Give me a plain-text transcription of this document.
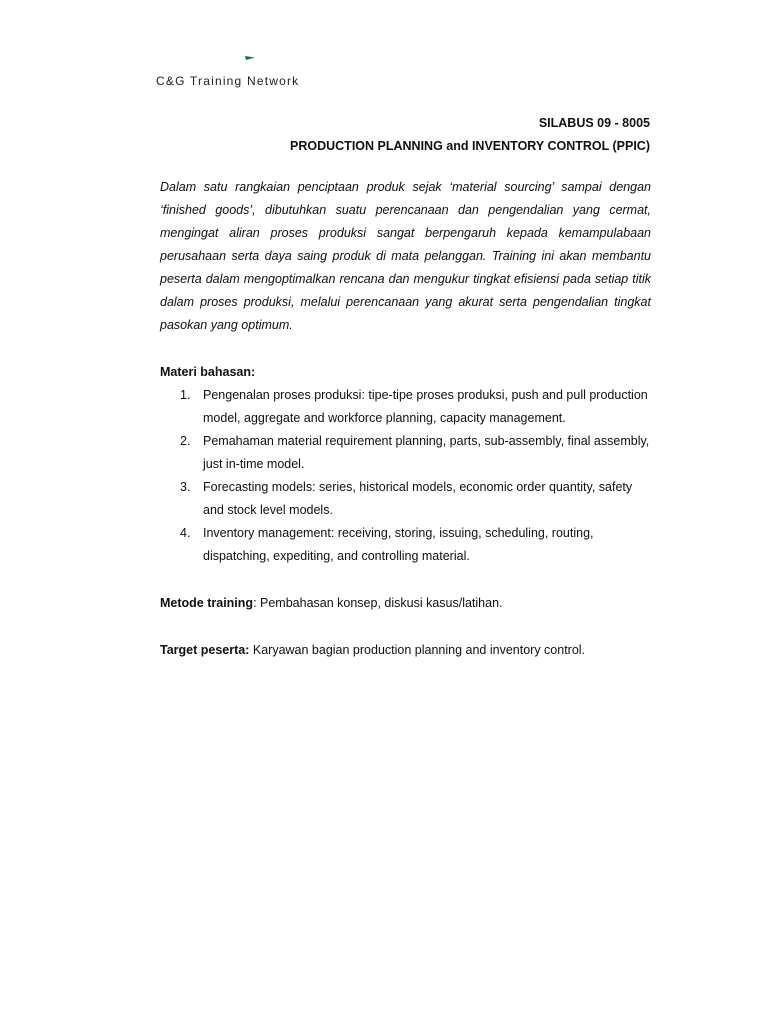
C&G Training Network
SILABUS 09 - 8005
PRODUCTION PLANNING and INVENTORY CONTROL (PPIC)

Dalam satu rangkaian penciptaan produk sejak ‘material sourcing’ sampai dengan ‘finished goods’, dibutuhkan suatu perencanaan dan pengendalian yang cermat, mengingat aliran proses produksi sangat berpengaruh kepada kemampulabaan perusahaan serta daya saing produk di mata pelanggan. Training ini akan membantu peserta dalam mengoptimalkan rencana dan mengukur tingkat efisiensi pada setiap titik dalam proses produksi, melalui perencanaan yang akurat serta pengendalian tingkat pasokan yang optimum.

Materi bahasan:
1.	Pengenalan proses produksi: tipe-tipe proses produksi, push and pull production model, aggregate and workforce planning, capacity management.
2.	Pemahaman material requirement planning, parts, sub-assembly, final assembly, just in-time model.
3.	Forecasting models: series, historical models, economic order quantity, safety and stock level models.
4.	Inventory management: receiving, storing, issuing, scheduling, routing, dispatching, expediting, and controlling material.
Metode training: Pembahasan konsep, diskusi kasus/latihan.
Target peserta: Karyawan bagian production planning and inventory control.
